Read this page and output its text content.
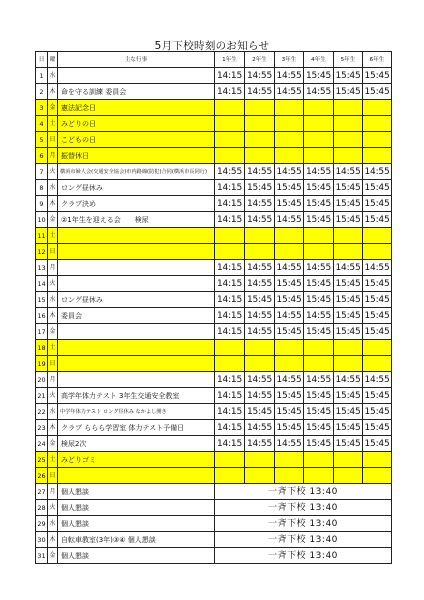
5月下校時刻のお知らせ
日	曜	主な行事	1年生	2年生	3年生	4年生	5年生	6年生
1	水		14:15	14:55	14:55	15:45	15:45	15:45
2	木	命を守る訓練 委員会	14:15	14:55	14:55	14:55	15:45	15:45
3	金	憲法記念日						
4	土	みどりの日						
5	日	こどもの日						
6	月	振替休日						
7	火	横浜市婦人会(交通安全協会)市内路線(防犯)合同(横浜市長同行)	14:55	14:55	14:55	14:55	14:55	14:55
8	水	ロング昼休み	14:15	15:45	15:45	15:45	15:45	15:45
9	木	クラブ決め	14:15	14:55	15:45	15:45	15:45	15:45
10	金	②1年生を迎える会　　検尿	14:15	14:55	14:55	15:45	15:45	15:45
11	土							
12	日							
13	月		14:15	14:55	14:55	14:55	14:55	14:55
14	火		14:15	14:55	15:45	15:45	15:45	15:45
15	水	ロング昼休み	14:15	15:45	15:45	15:45	15:45	15:45
16	木	委員会	14:15	14:55	14:55	14:55	15:45	15:45
17	金		14:15	14:55	15:45	15:45	15:45	15:45
18	土							
19	日							
20	月		14:15	14:55	14:55	14:55	14:55	14:55
21	火	高学年体力テスト 3年生交通安全教室	14:15	14:55	15:45	15:45	15:45	15:45
22	水	中学年体力テスト ロング昼休み なかよし開き	14:15	15:45	15:45	15:45	15:45	15:45
23	木	クラブ ららら学習室 体力テスト予備日	14:15	14:55	15:45	15:45	15:45	15:45
24	金	検尿2次	14:15	14:55	14:55	15:45	15:45	15:45
25	土	みどりゴミ						
26	日							
27	月	個人懇談	一斉下校 13:40					
28	火	個人懇談	一斉下校 13:40					
29	水	個人懇談	一斉下校 13:40					
30	木	自転車教室(3年)③④ 個人懇談	一斉下校 13:40					
31	金	個人懇談	一斉下校 13:40					
